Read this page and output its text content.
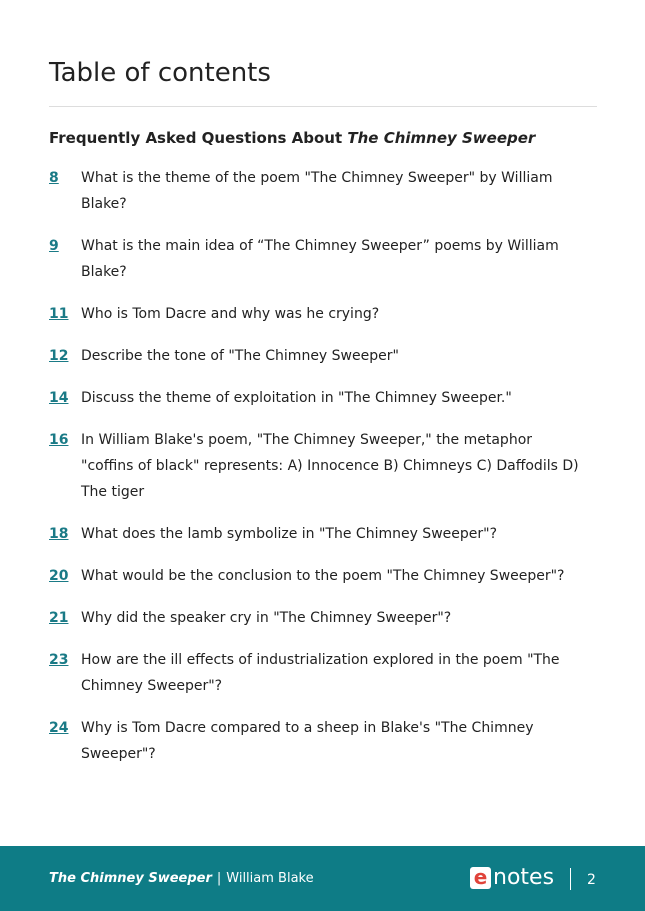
Table of contents
Frequently Asked Questions About The Chimney Sweeper
8	What is the theme of the poem "The Chimney Sweeper" by William Blake?
9	What is the main idea of “The Chimney Sweeper” poems by William Blake?
11 Who is Tom Dacre and why was he crying?
12 Describe the tone of "The Chimney Sweeper"
14 Discuss the theme of exploitation in "The Chimney Sweeper."
16 In William Blake's poem, "The Chimney Sweeper," the metaphor "coffins of black" represents: A) Innocence B) Chimneys C) Daffodils D) The tiger
18 What does the lamb symbolize in "The Chimney Sweeper"?
20 What would be the conclusion to the poem "The Chimney Sweeper"?
21 Why did the speaker cry in "The Chimney Sweeper"?
23 How are the ill effects of industrialization explored in the poem "The Chimney Sweeper"?
24 Why is Tom Dacre compared to a sheep in Blake's "The Chimney Sweeper"?
The Chimney Sweeper | William Blake	e notes 2
